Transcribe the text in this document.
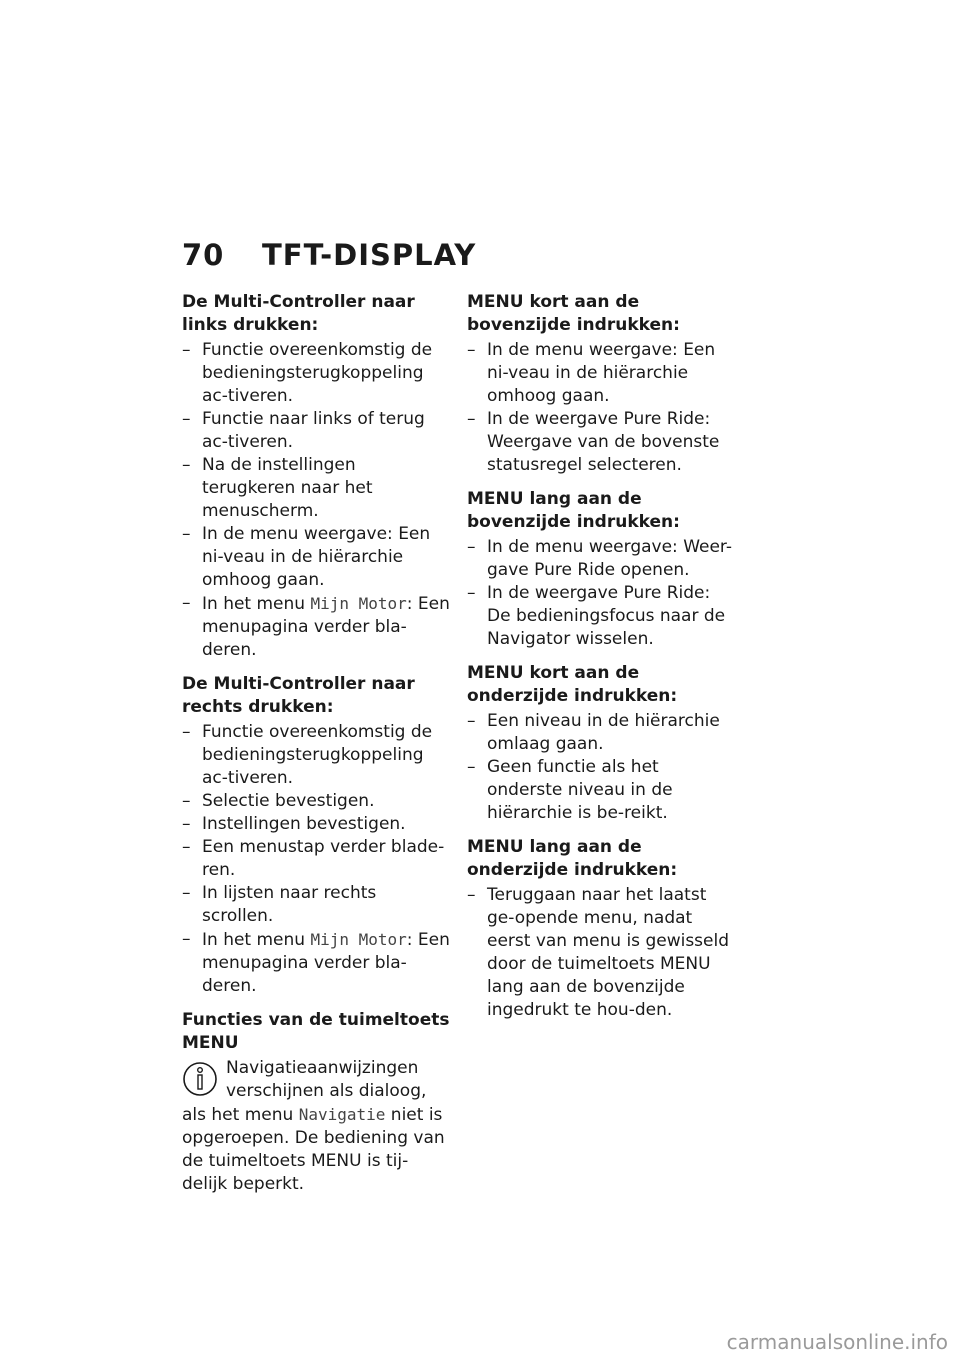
70	TFT-DISPLAY

De Multi-Controller naar links drukken:

– Functie overeenkomstig de bedieningsterugkoppeling ac-tiveren.
– Functie naar links of terug ac-tiveren.
– Na de instellingen terugkeren naar het menuscherm.
– In de menu weergave: Een ni-veau in de hiërarchie omhoog gaan.
– In het menu Mijn Motor: Een menupagina verder bla-deren.

De Multi-Controller naar rechts drukken:

– Functie overeenkomstig de bedieningsterugkoppeling ac-tiveren.
– Selectie bevestigen.
– Instellingen bevestigen.
– Een menustap verder blade-ren.
– In lijsten naar rechts scrollen.
– In het menu Mijn Motor: Een menupagina verder bla-deren.

Functies van de tuimeltoets MENU

Navigatieaanwijzingen verschijnen als dialoog, als het menu Navigatie niet is opgeroepen. De bediening van de tuimeltoets MENU is tij-delijk beperkt.

MENU kort aan de bovenzijde indrukken:

– In de menu weergave: Een ni-veau in de hiërarchie omhoog gaan.
– In de weergave Pure Ride: Weergave van de bovenste statusregel selecteren.

MENU lang aan de bovenzijde indrukken:

– In de menu weergave: Weer-gave Pure Ride openen.
– In de weergave Pure Ride: De bedieningsfocus naar de Navigator wisselen.

MENU kort aan de onderzijde indrukken:

– Een niveau in de hiërarchie omlaag gaan.
– Geen functie als het onderste niveau in de hiërarchie is be-reikt.

MENU lang aan de onderzijde indrukken:

– Teruggaan naar het laatst ge-opende menu, nadat eerst van menu is gewisseld door de tuimeltoets MENU lang aan de bovenzijde ingedrukt te hou-den.
carmanualsonline.info
